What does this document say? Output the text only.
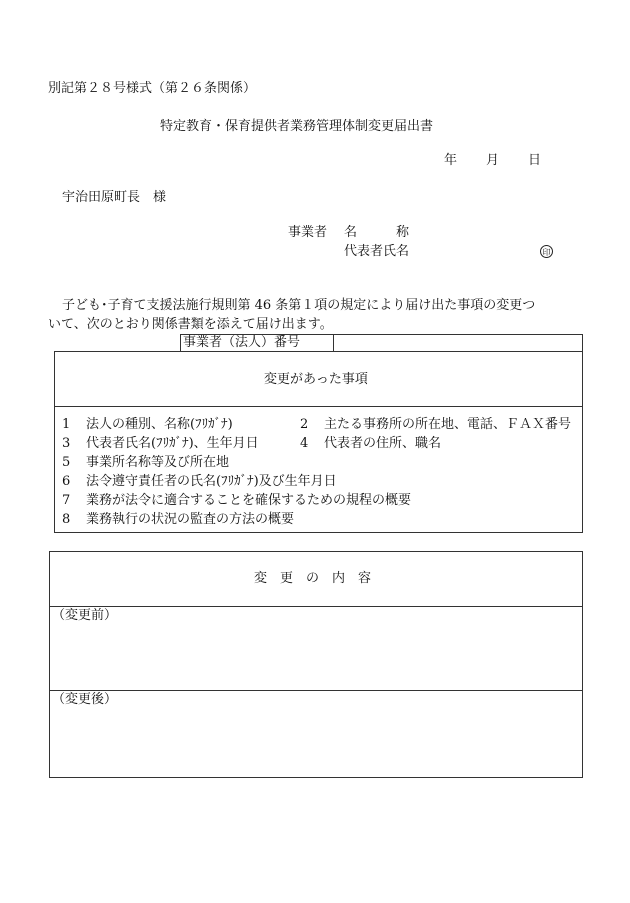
別記第２８号様式（第２６条関係）
特定教育・保育提供者業務管理体制変更届出書
年 月 日
宇治田原町長　様
事業者 名　　　称
代表者氏名	印
子ども･子育て支援法施行規則第 46 条第１項の規定により届け出た事項の変更つ
いて、次のとおり関係書類を添えて届け出ます。
事業者（法人）番号
変更があった事項
1 法人の種別、名称(ﾌﾘｶﾞﾅ)	2 主たる事務所の所在地、電話、ＦＡＸ番号
3 代表者氏名(ﾌﾘｶﾞﾅ)、生年月日	4 代表者の住所、職名
5 事業所名称等及び所在地
6 法令遵守責任者の氏名(ﾌﾘｶﾞﾅ)及び生年月日
7 業務が法令に適合することを確保するための規程の概要
8 業務執行の状況の監査の方法の概要
変　更　の　内　容
（変更前）
（変更後）
